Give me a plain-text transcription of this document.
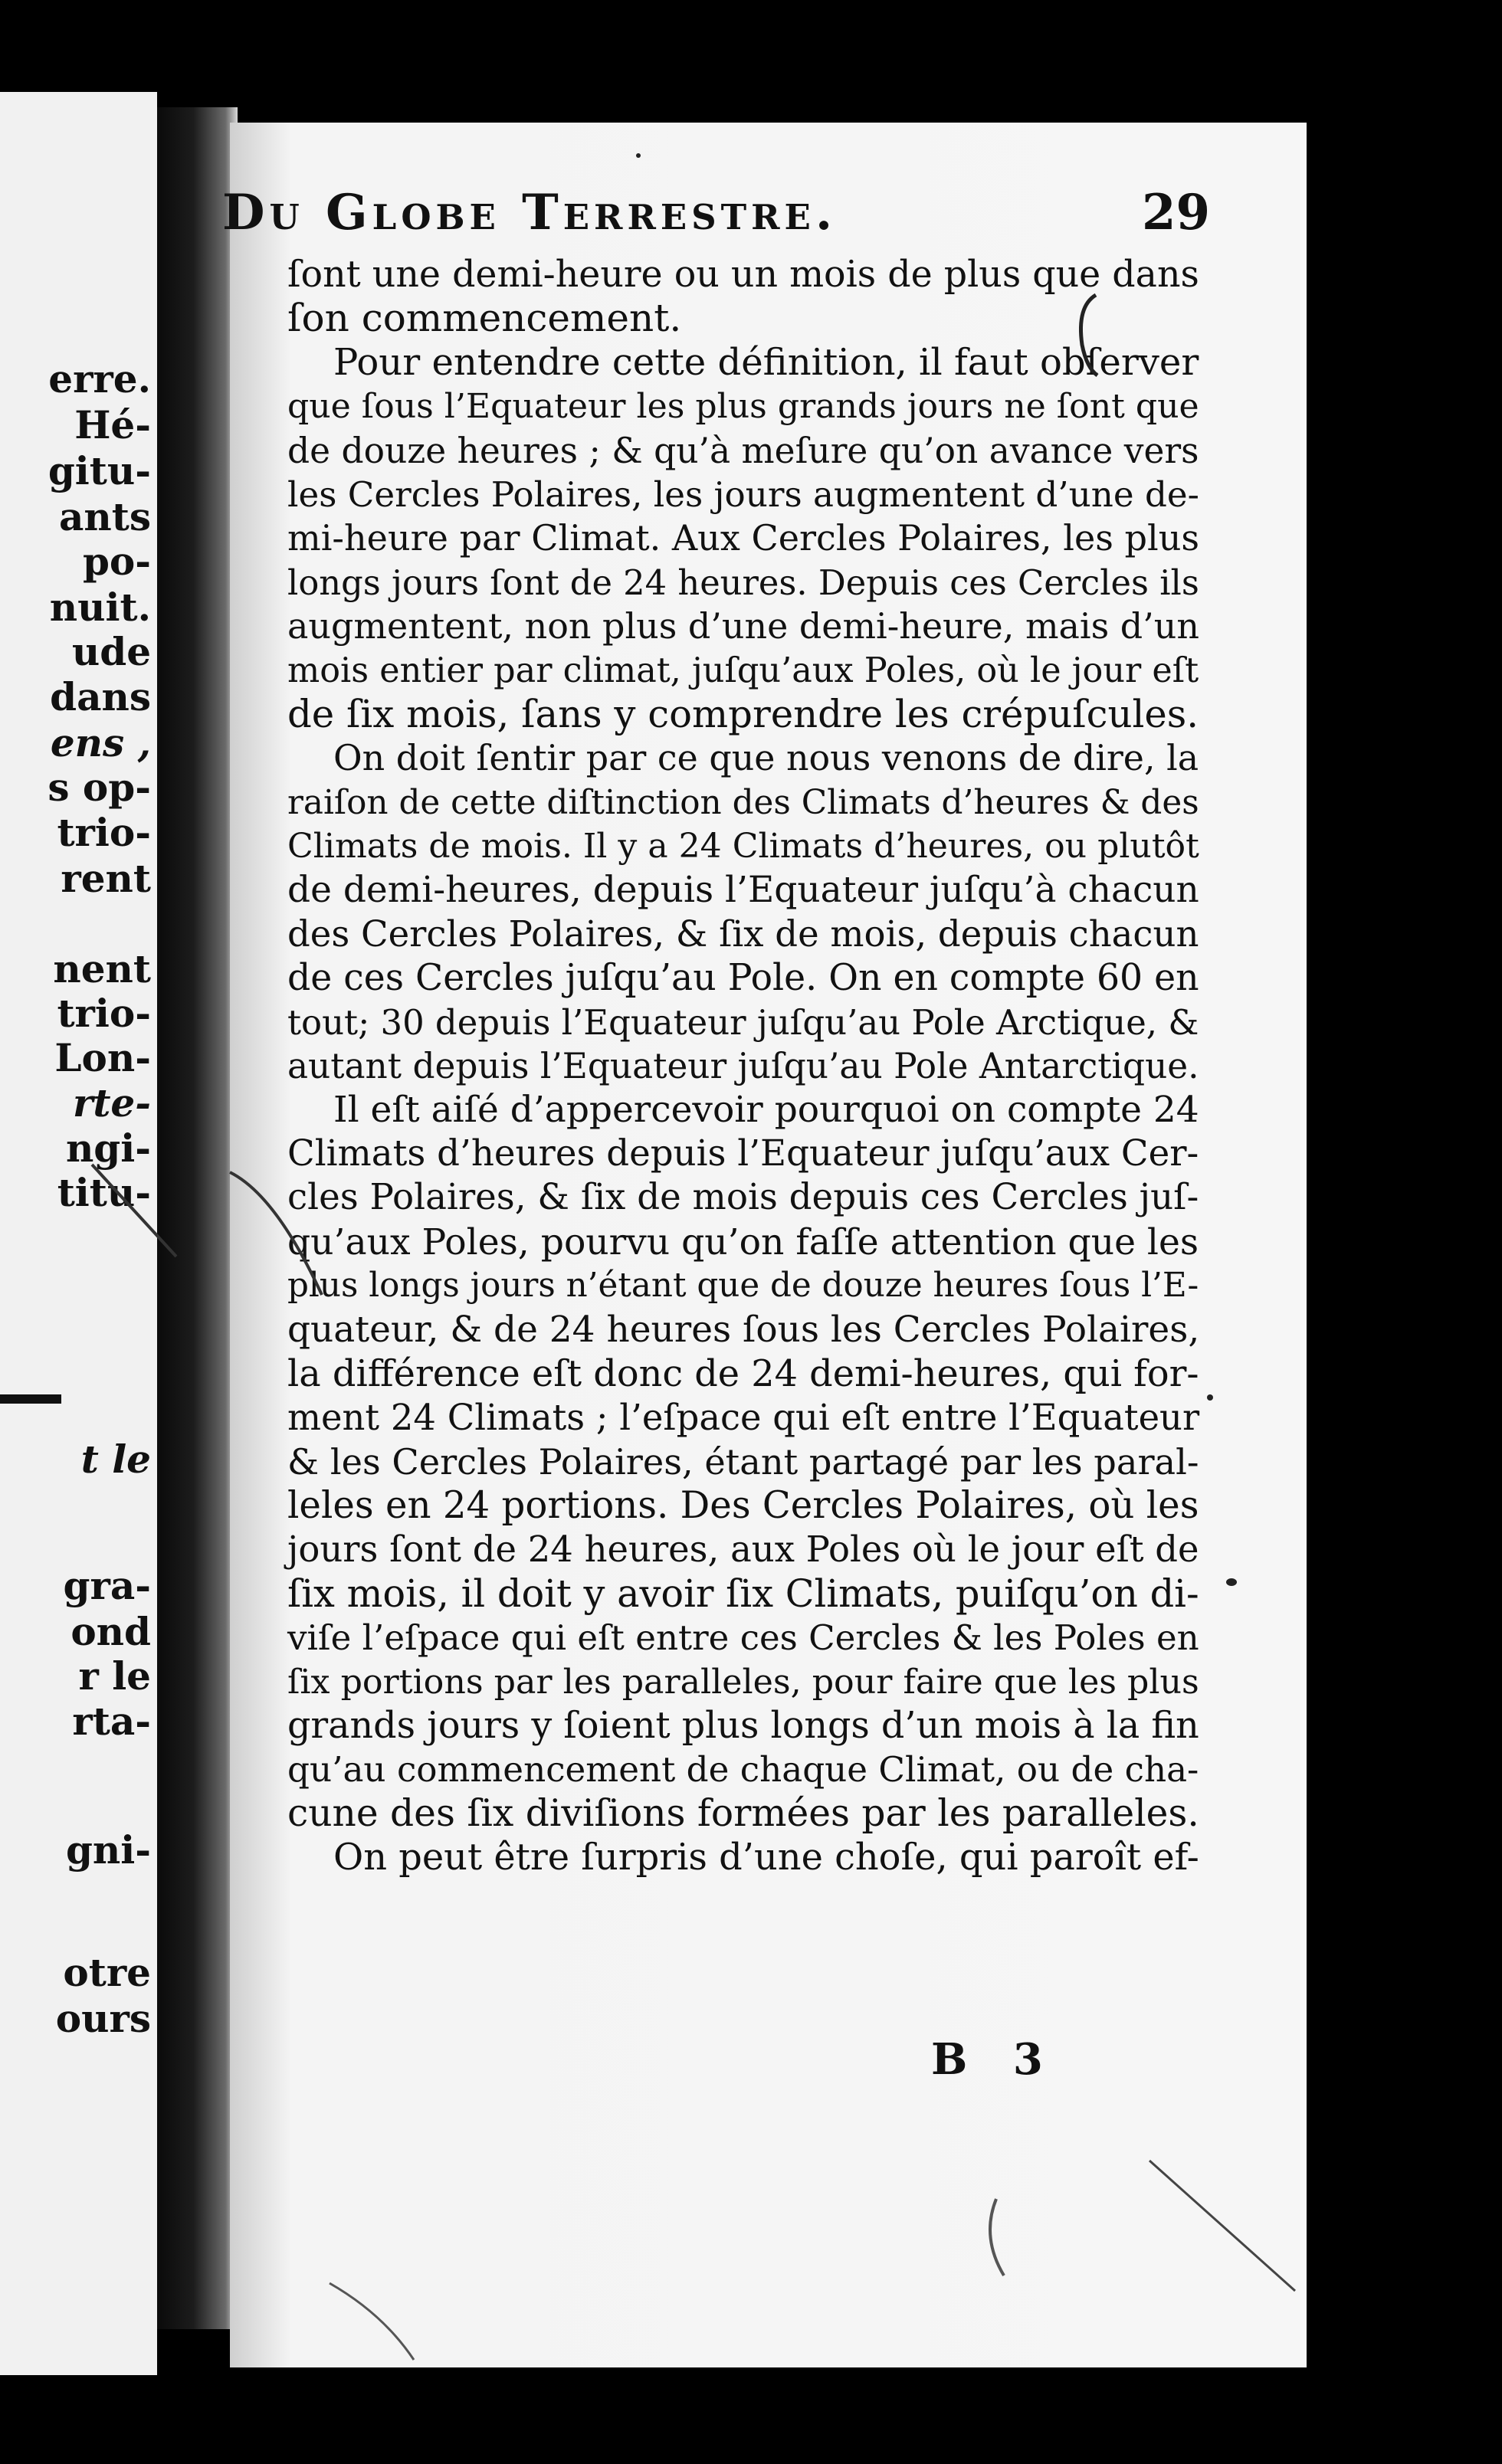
erre.
Hé-
gitu-
ants
po-
nuit.
ude
dans
ens ,
s op-
trio-
rent
nent
trio-
Lon-
rte-
ngi-
titu-
t le
gra-
ond
r le
rta-
gni-
otre
ours
Du Globe Terrestre.	29
ſont une demi-heure ou un mois de plus que dans
ſon commencement.
Pour entendre cette définition, il faut obſerver
que ſous l’Equateur les plus grands jours ne ſont que
de douze heures ; & qu’à meſure qu’on avance vers
les Cercles Polaires, les jours augmentent d’une de-
mi-heure par Climat. Aux Cercles Polaires, les plus
longs jours ſont de 24 heures. Depuis ces Cercles ils
augmentent, non plus d’une demi-heure, mais d’un
mois entier par climat, juſqu’aux Poles, où le jour eſt
de ſix mois, ſans y comprendre les crépuſcules.
On doit ſentir par ce que nous venons de dire, la
raiſon de cette diſtinction des Climats d’heures & des
Climats de mois. Il y a 24 Climats d’heures, ou plutôt
de demi-heures, depuis l’Equateur juſqu’à chacun
des Cercles Polaires, & ſix de mois, depuis chacun
de ces Cercles juſqu’au Pole. On en compte 60 en
tout; 30 depuis l’Equateur juſqu’au Pole Arctique, &
autant depuis l’Equateur juſqu’au Pole Antarctique.
Il eſt aiſé d’appercevoir pourquoi on compte 24
Climats d’heures depuis l’Equateur juſqu’aux Cer-
cles Polaires, & ſix de mois depuis ces Cercles juſ-
qu’aux Poles, pourvu qu’on faſſe attention que les
plus longs jours n’étant que de douze heures ſous l’E-
quateur, & de 24 heures ſous les Cercles Polaires,
la différence eſt donc de 24 demi-heures, qui for-
ment 24 Climats ; l’eſpace qui eſt entre l’Equateur
& les Cercles Polaires, étant partagé par les paral-
leles en 24 portions. Des Cercles Polaires, où les
jours ſont de 24 heures, aux Poles où le jour eſt de
ſix mois, il doit y avoir ſix Climats, puiſqu’on di-
viſe l’eſpace qui eſt entre ces Cercles & les Poles en
ſix portions par les paralleles, pour faire que les plus
grands jours y ſoient plus longs d’un mois à la fin
qu’au commencement de chaque Climat, ou de cha-
cune des ſix diviſions formées par les paralleles.
On peut être ſurpris d’une choſe, qui paroît ef-
B 3
